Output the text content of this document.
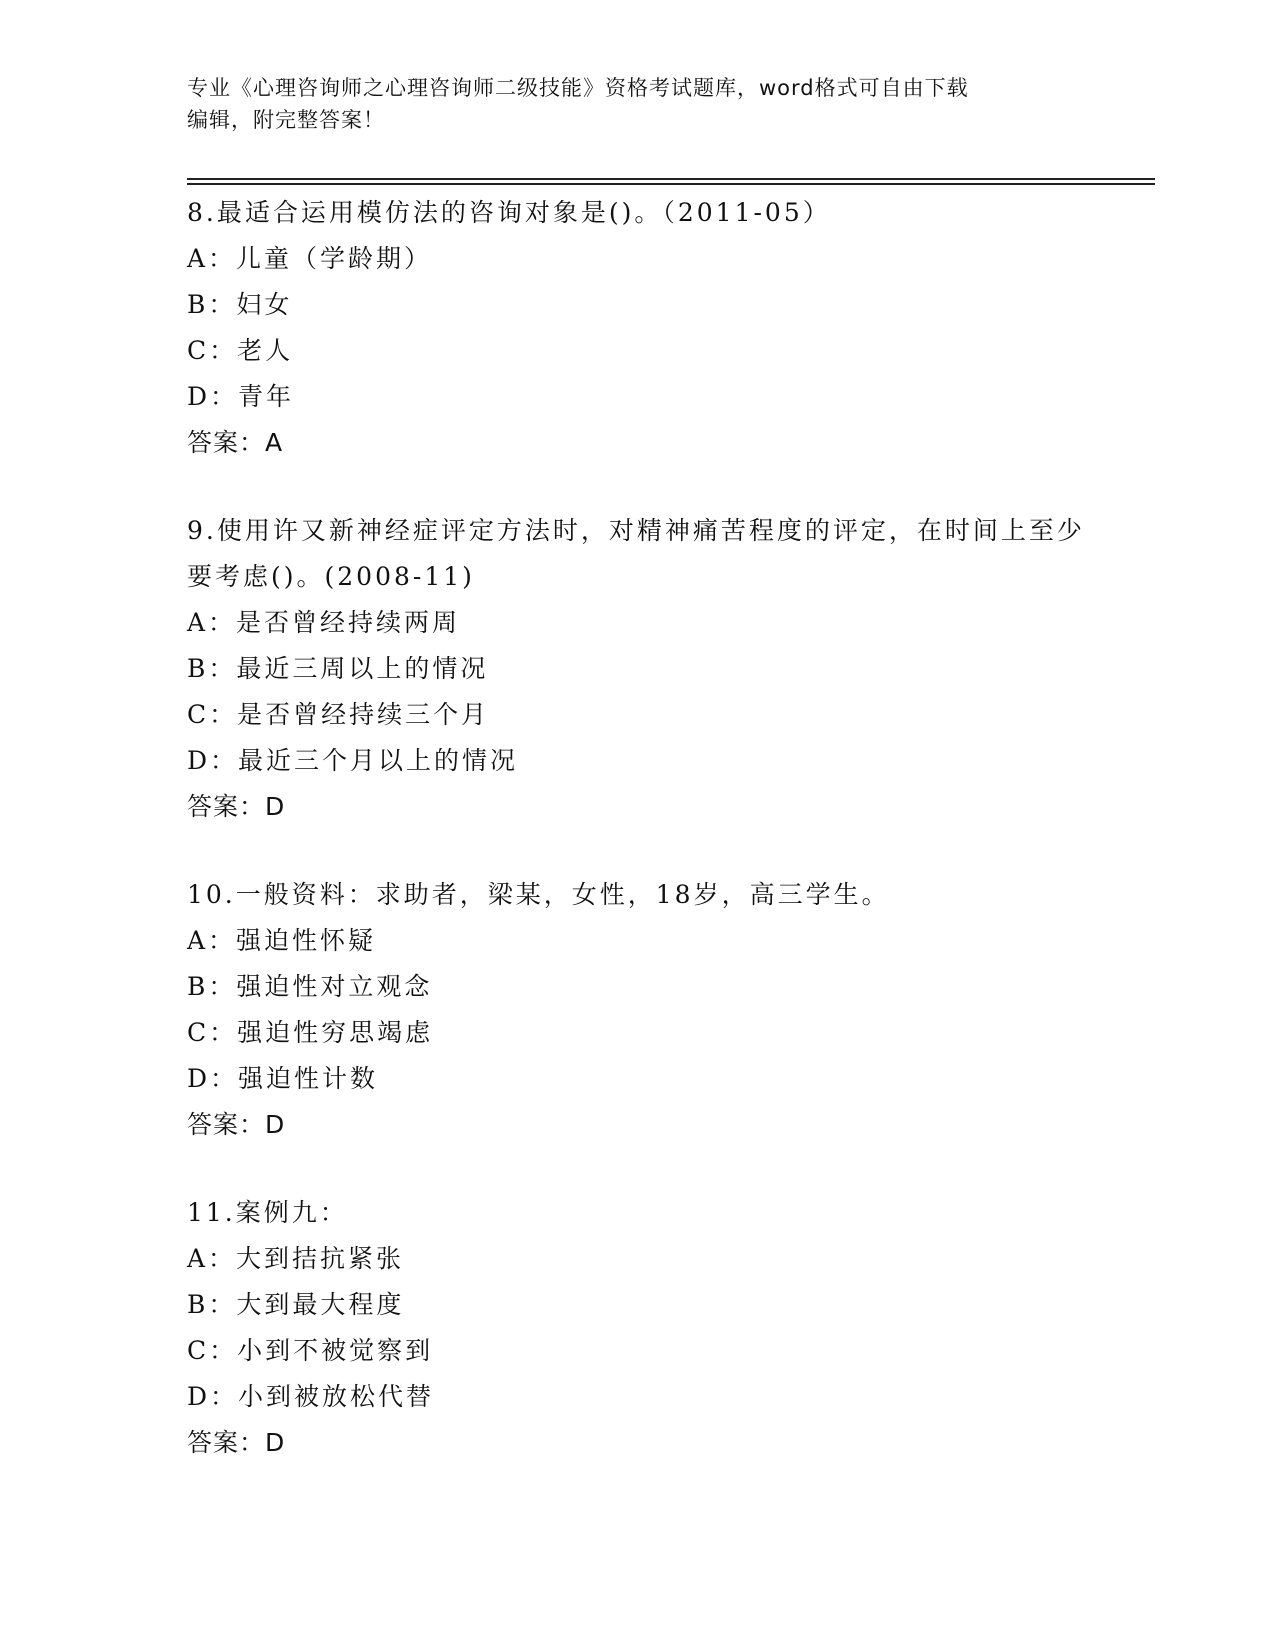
专业《心理咨询师之心理咨询师二级技能》资格考试题库，word格式可自由下载
编辑，附完整答案！
8.最适合运用模仿法的咨询对象是()。（2011-05）
A：儿童（学龄期）
B：妇女
C：老人
D：青年
答案：A
9.使用许又新神经症评定方法时，对精神痛苦程度的评定，在时间上至少要考虑()。(2008-11)
A：是否曾经持续两周
B：最近三周以上的情况
C：是否曾经持续三个月
D：最近三个月以上的情况
答案：D
10.一般资料：求助者，梁某，女性，18岁，高三学生。
A：强迫性怀疑
B：强迫性对立观念
C：强迫性穷思竭虑
D：强迫性计数
答案：D
11.案例九：
A：大到拮抗紧张
B：大到最大程度
C：小到不被觉察到
D：小到被放松代替
答案：D
